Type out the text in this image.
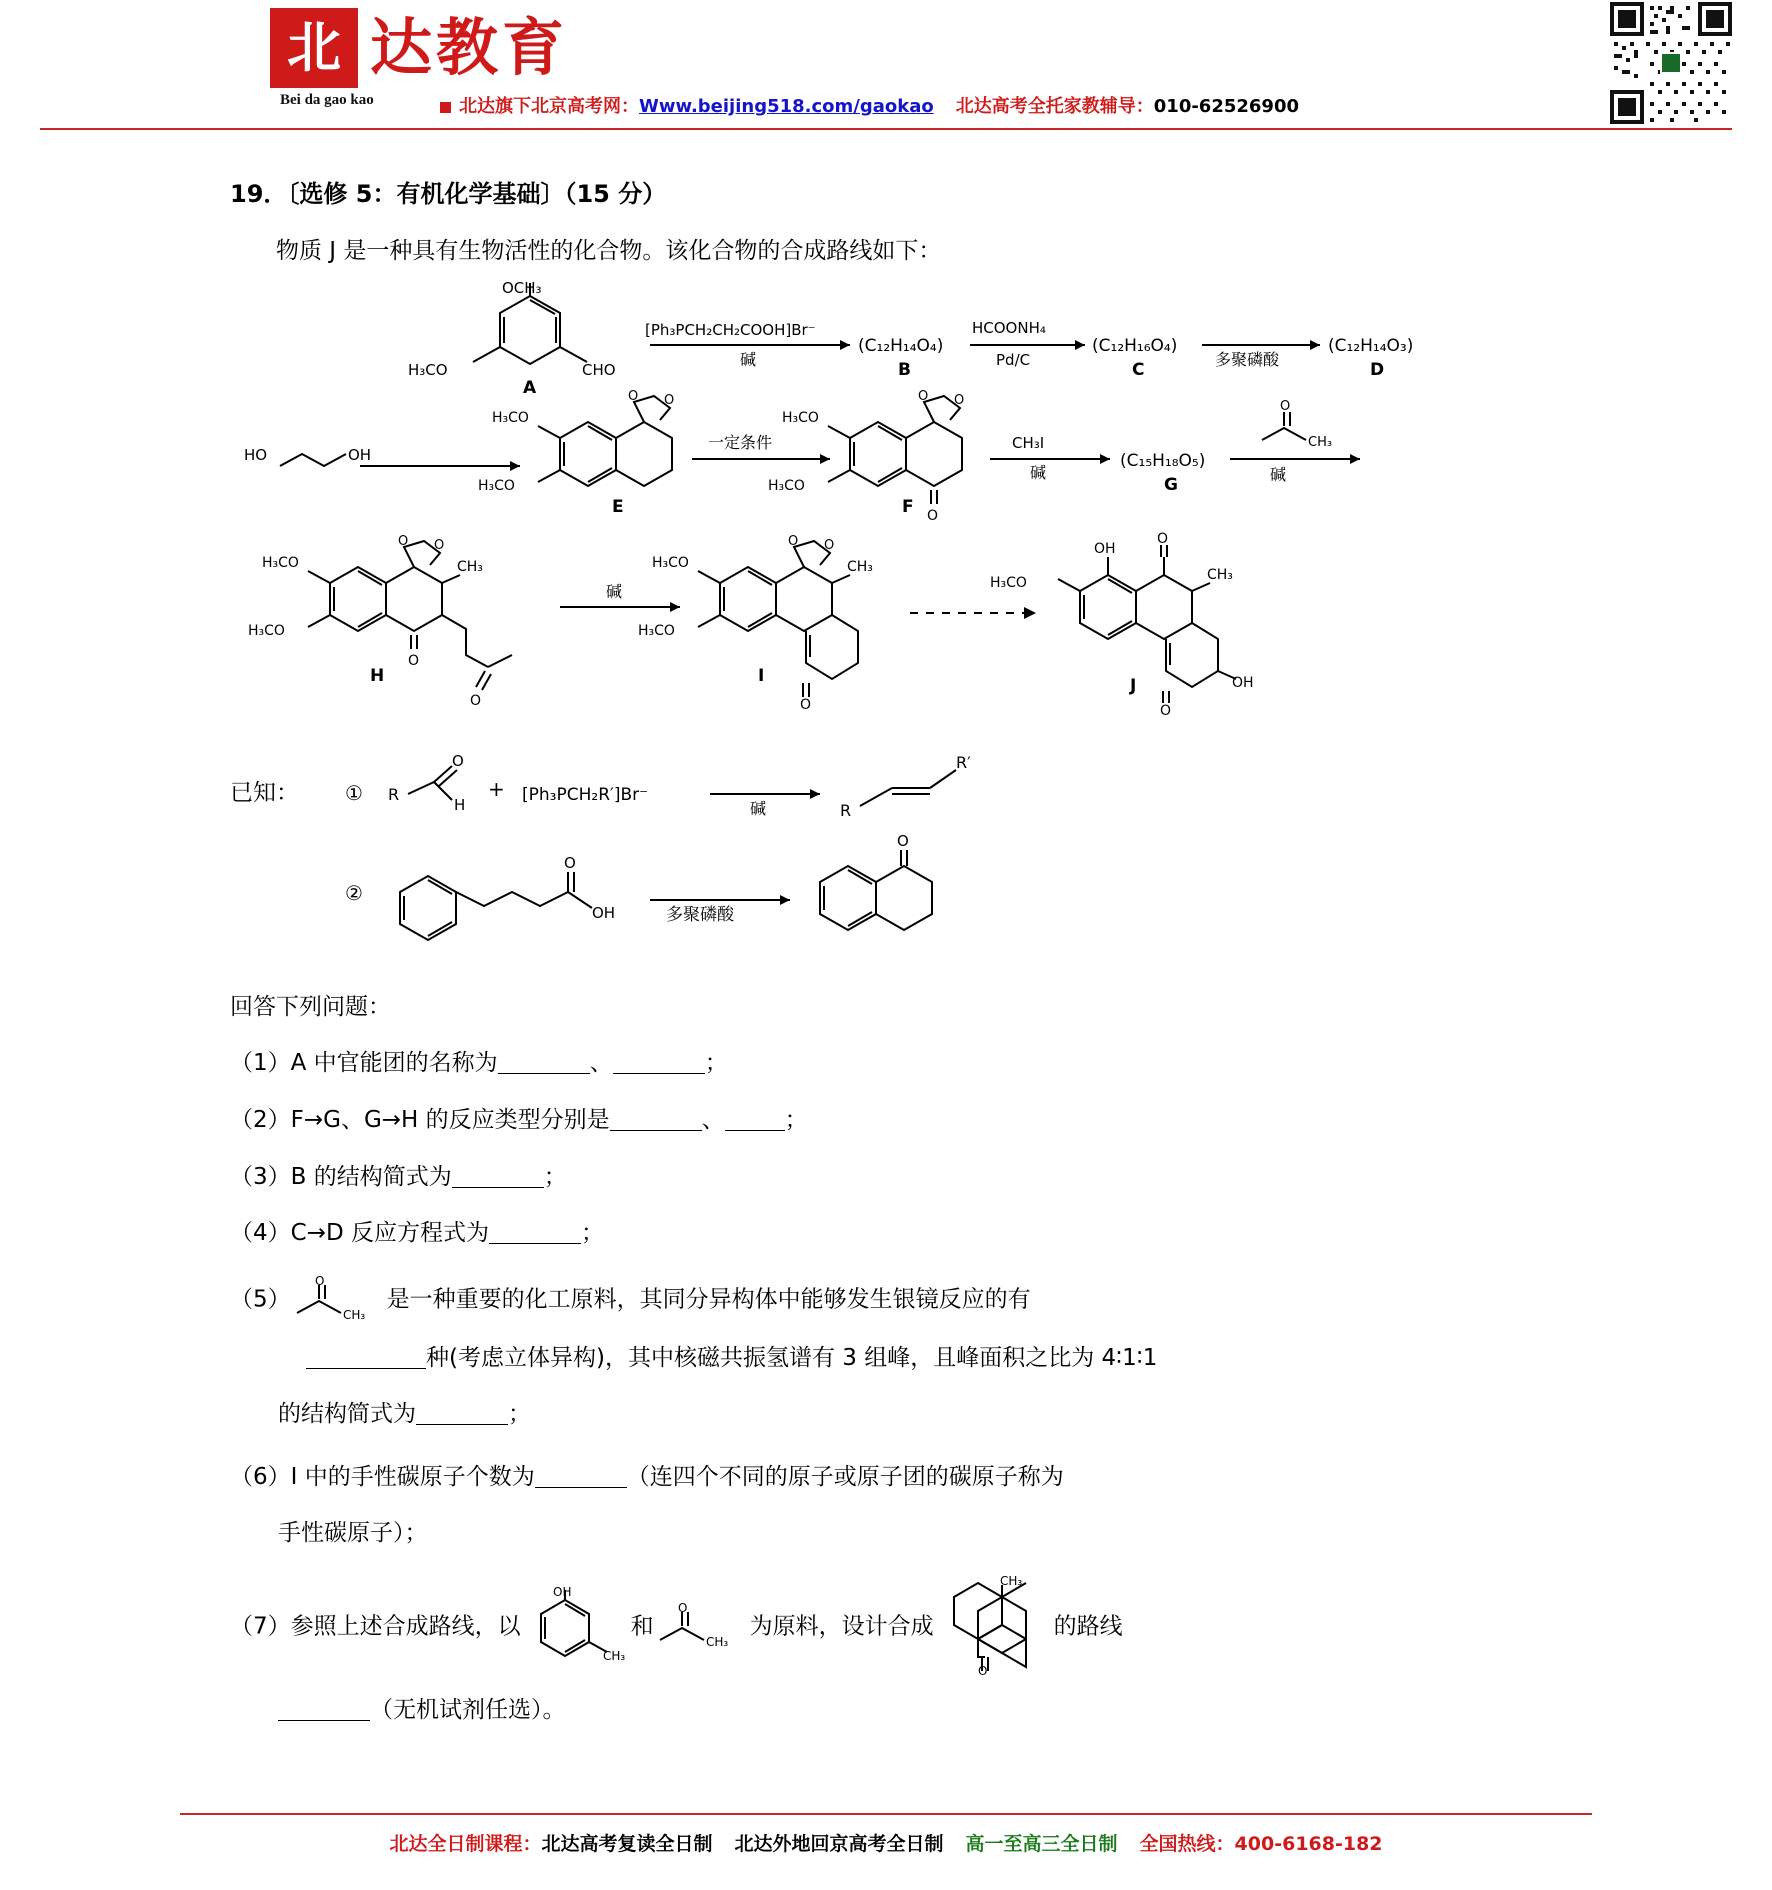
北 达教育
Bei da gao kao	北达旗下北京高考网：Www.beijing518.com/gaokao 北达高考全托家教辅导：010-62526900
19．〔选修 5：有机化学基础〕（15 分）
物质 J 是一种具有生物活性的化合物。该化合物的合成路线如下：
OCH₃
H₃CO	CHO
A
[Ph₃PCH₂CH₂COOH]Br⁻
碱
(C₁₂H₁₄O₄)
B
HCOONH₄
Pd/C
(C₁₂H₁₆O₄)
C
多聚磷酸
(C₁₂H₁₄O₃)
D
HO	OH
H₃CO
H₃CO
O O
E
一定条件
H₃CO
H₃CO
O O
O
F
CH₃I
碱
(C₁₅H₁₈O₅)
G
O
CH₃
碱
H₃CO
H₃CO
O O
CH₃
O
O
H
碱
H₃CO
H₃CO
O O
CH₃
O
I
OH
O
H₃CO	CH₃
OH
O
J
已知： ① R
O
H
+ [Ph₃PCH₂R′]Br⁻
碱	R
R′
②
O
OH	多聚磷酸
O
回答下列问题：
（1）A 中官能团的名称为	、	；
（2）F→G、G→H 的反应类型分别是	、	；
（3）B 的结构简式为	；
（4）C→D 反应方程式为	；
（5）
O
CH₃
是一种重要的化工原料，其同分异构体中能够发生银镜反应的有
种(考虑立体异构)，其中核磁共振氢谱有 3 组峰，且峰面积之比为 4∶1∶1
的结构简式为	；
（6）I 中的手性碳原子个数为	（连四个不同的原子或原子团的碳原子称为
手性碳原子）；
（7）参照上述合成路线，以
OH
CH₃
和
O
CH₃
为原料，设计合成
CH₃
O
的路线
（无机试剂任选）。
北达全日制课程：北达高考复读全日制 北达外地回京高考全日制 高一至高三全日制 全国热线：400-6168-182
